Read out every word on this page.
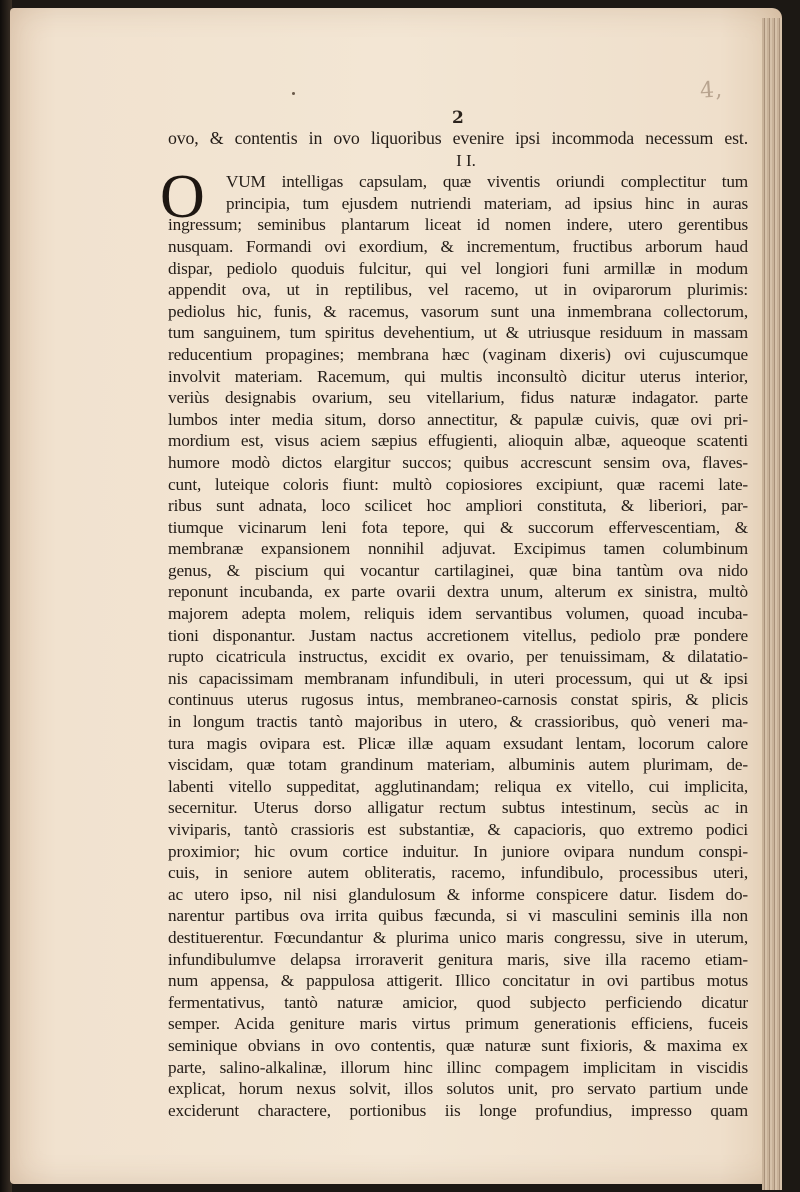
4,
2
ovo, & contentis in ovo liquoribus evenire ipsi incommoda necessum est.
I I.
O	VUM intelligas capsulam, quæ viventis oriundi complectitur tum
principia, tum ejusdem nutriendi materiam, ad ipsius hinc in auras
ingressum; seminibus plantarum liceat id nomen indere, utero gerentibus
nusquam. Formandi ovi exordium, & incrementum, fructibus arborum haud
dispar, pediolo quoduis fulcitur, qui vel longiori funi armillæ in modum
appendit ova, ut in reptilibus, vel racemo, ut in oviparorum plurimis:
pediolus hic, funis, & racemus, vasorum sunt una inmembrana collectorum,
tum sanguinem, tum spiritus devehentium, ut & utriusque residuum in massam
reducentium propagines; membrana hæc (vaginam dixeris) ovi cujuscumque
involvit materiam. Racemum, qui multis inconsultò dicitur uterus interior,
veriùs designabis ovarium, seu vitellarium, fidus naturæ indagator. parte
lumbos inter media situm, dorso annectitur, & papulæ cuivis, quæ ovi pri-
mordium est, visus aciem sæpius effugienti, alioquin albæ, aqueoque scatenti
humore modò dictos elargitur succos; quibus accrescunt sensim ova, flaves-
cunt, luteique coloris fiunt: multò copiosiores excipiunt, quæ racemi late-
ribus sunt adnata, loco scilicet hoc ampliori constituta, & liberiori, par-
tiumque vicinarum leni fota tepore, qui & succorum effervescentiam, &
membranæ expansionem nonnihil adjuvat. Excipimus tamen columbinum
genus, & piscium qui vocantur cartilaginei, quæ bina tantùm ova nido
reponunt incubanda, ex parte ovarii dextra unum, alterum ex sinistra, multò
majorem adepta molem, reliquis idem servantibus volumen, quoad incuba-
tioni disponantur. Justam nactus accretionem vitellus, pediolo præ pondere
rupto cicatricula instructus, excidit ex ovario, per tenuissimam, & dilatatio-
nis capacissimam membranam infundibuli, in uteri processum, qui ut & ipsi
continuus uterus rugosus intus, membraneo-carnosis constat spiris, & plicis
in longum tractis tantò majoribus in utero, & crassioribus, quò veneri ma-
tura magis ovipara est. Plicæ illæ aquam exsudant lentam, locorum calore
viscidam, quæ totam grandinum materiam, albuminis autem plurimam, de-
labenti vitello suppeditat, agglutinandam; reliqua ex vitello, cui implicita,
secernitur. Uterus dorso alligatur rectum subtus intestinum, secùs ac in
viviparis, tantò crassioris est substantiæ, & capacioris, quo extremo podici
proximior; hic ovum cortice induitur. In juniore ovipara nundum conspi-
cuis, in seniore autem obliteratis, racemo, infundibulo, processibus uteri,
ac utero ipso, nil nisi glandulosum & informe conspicere datur. Iisdem do-
narentur partibus ova irrita quibus fæcunda, si vi masculini seminis illa non
destituerentur. Fœcundantur & plurima unico maris congressu, sive in uterum,
infundibulumve delapsa irroraverit genitura maris, sive illa racemo etiam-
num appensa, & pappulosa attigerit. Illico concitatur in ovi partibus motus
fermentativus, tantò naturæ amicior, quod subjecto perficiendo dicatur
semper. Acida geniture maris virtus primum generationis efficiens, fuceis
seminique obvians in ovo contentis, quæ naturæ sunt fixioris, & maxima ex
parte, salino-alkalinæ, illorum hinc illinc compagem implicitam in viscidis
explicat, horum nexus solvit, illos solutos unit, pro servato partium unde
exciderunt charactere, portionibus iis longe profundius, impresso quam
